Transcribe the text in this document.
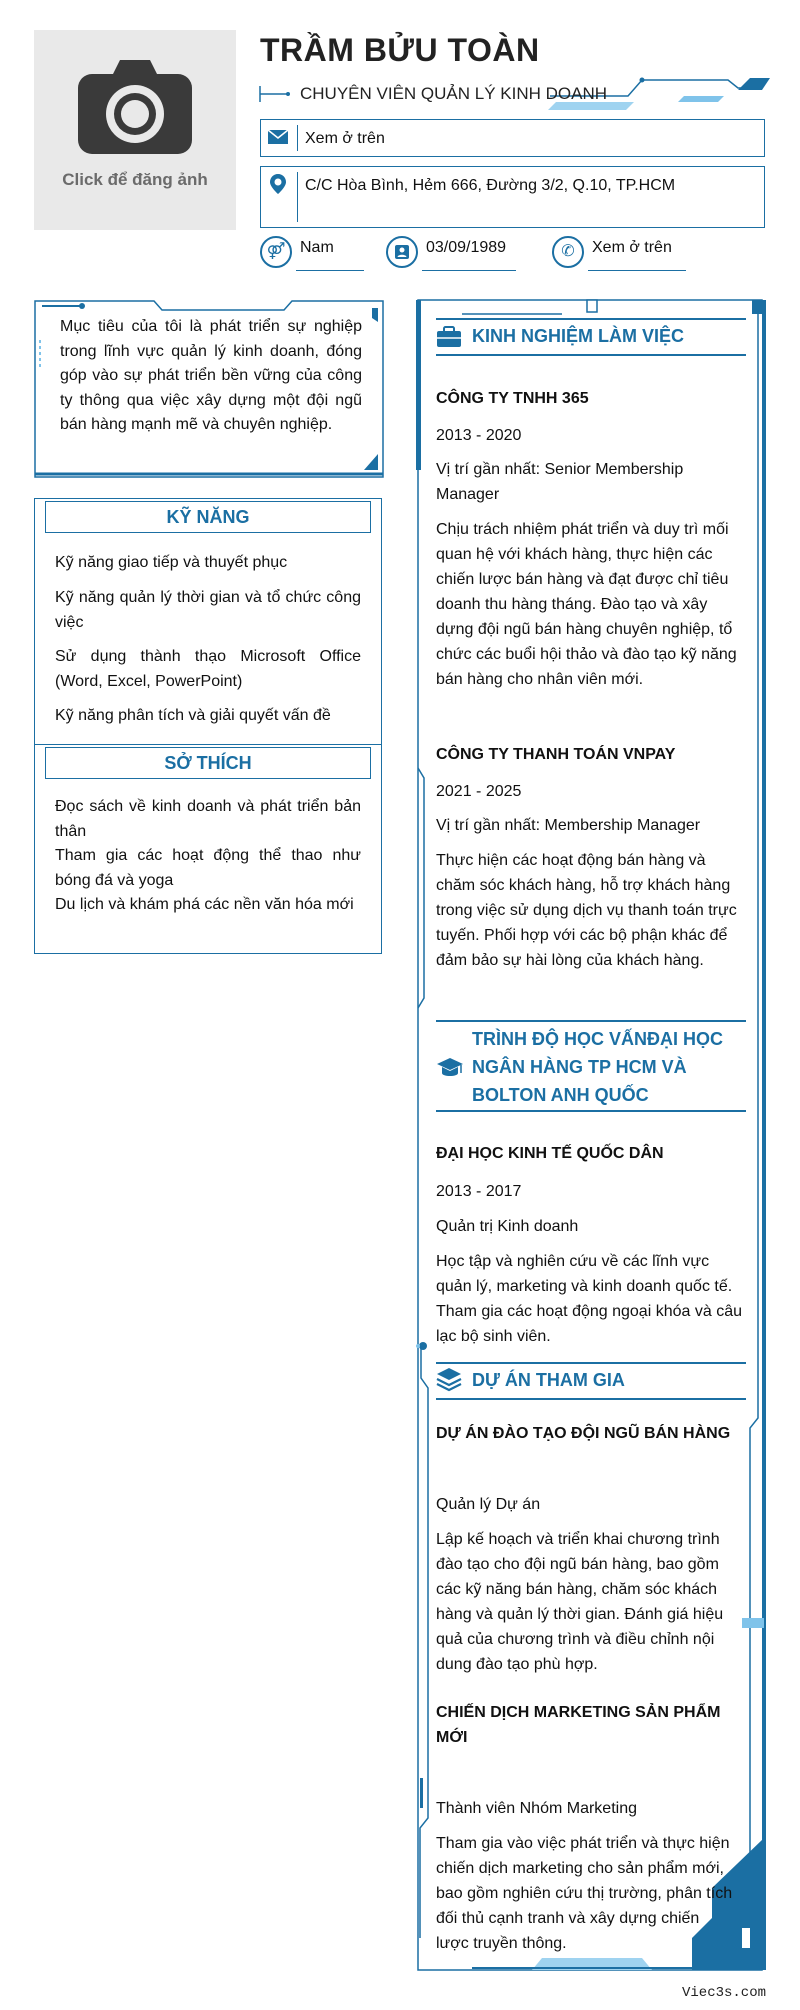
Click để đăng ảnh
TRẦM BỬU TOÀN
CHUYÊN VIÊN QUẢN LÝ KINH DOANH
Xem ở trên
C/C Hòa Bình, Hẻm 666, Đường 3/2, Q.10, TP.HCM
⚤ Nam	03/09/1989	✆	Xem ở trên
Mục tiêu của tôi là phát triển sự nghiệp trong lĩnh vực quản lý kinh doanh, đóng góp vào sự phát triển bền vững của công ty thông qua việc xây dựng một đội ngũ bán hàng mạnh mẽ và chuyên nghiệp.
KỸ NĂNG
Kỹ năng giao tiếp và thuyết phục
Kỹ năng quản lý thời gian và tổ chức công việc
Sử dụng thành thạo Microsoft Office (Word, Excel, PowerPoint)
Kỹ năng phân tích và giải quyết vấn đề
SỞ THÍCH
Đọc sách về kinh doanh và phát triển bản thân
Tham gia các hoạt động thể thao như bóng đá và yoga
Du lịch và khám phá các nền văn hóa mới
KINH NGHIỆM LÀM VIỆC
CÔNG TY TNHH 365
2013 - 2020
Vị trí gần nhất: Senior Membership Manager
Chịu trách nhiệm phát triển và duy trì mối quan hệ với khách hàng, thực hiện các chiến lược bán hàng và đạt được chỉ tiêu doanh thu hàng tháng. Đào tạo và xây dựng đội ngũ bán hàng chuyên nghiệp, tổ chức các buổi hội thảo và đào tạo kỹ năng bán hàng cho nhân viên mới.
CÔNG TY THANH TOÁN VNPAY
2021 - 2025
Vị trí gần nhất: Membership Manager
Thực hiện các hoạt động bán hàng và chăm sóc khách hàng, hỗ trợ khách hàng trong việc sử dụng dịch vụ thanh toán trực tuyến. Phối hợp với các bộ phận khác để đảm bảo sự hài lòng của khách hàng.
TRÌNH ĐỘ HỌC VẤNĐẠI HỌC NGÂN HÀNG TP HCM VÀ BOLTON ANH QUỐC
ĐẠI HỌC KINH TẾ QUỐC DÂN
2013 - 2017
Quản trị Kinh doanh
Học tập và nghiên cứu về các lĩnh vực quản lý, marketing và kinh doanh quốc tế. Tham gia các hoạt động ngoại khóa và câu lạc bộ sinh viên.
DỰ ÁN THAM GIA
DỰ ÁN ĐÀO TẠO ĐỘI NGŨ BÁN HÀNG
Quản lý Dự án
Lập kế hoạch và triển khai chương trình đào tạo cho đội ngũ bán hàng, bao gồm các kỹ năng bán hàng, chăm sóc khách hàng và quản lý thời gian. Đánh giá hiệu quả của chương trình và điều chỉnh nội dung đào tạo phù hợp.
CHIẾN DỊCH MARKETING SẢN PHẨM MỚI
Thành viên Nhóm Marketing
Tham gia vào việc phát triển và thực hiện chiến dịch marketing cho sản phẩm mới, bao gồm nghiên cứu thị trường, phân tích đối thủ cạnh tranh và xây dựng chiến lược truyền thông.
Viec3s.com
